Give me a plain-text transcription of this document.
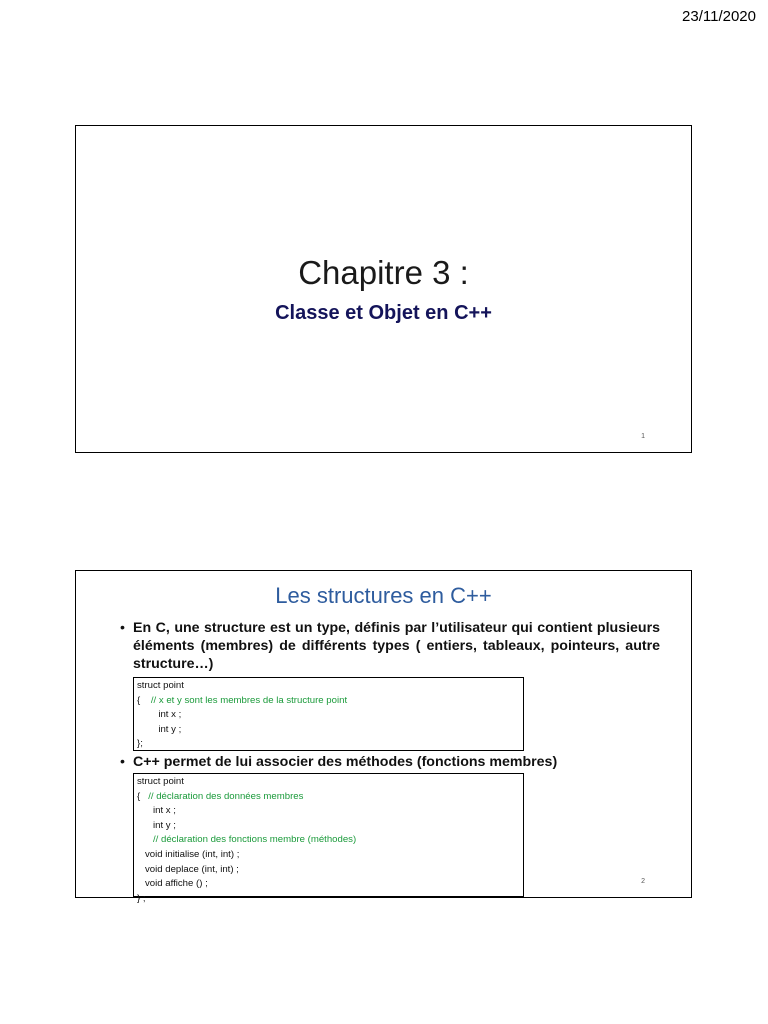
23/11/2020
Chapitre 3 :
Classe et Objet en C++
1
Les structures en C++
• En C, une structure est un type, définis par l’utilisateur qui contient plusieurs éléments (membres) de différents types ( entiers, tableaux, pointeurs, autre structure…)
struct point
{ // x et y sont les membres de la structure point
int x ;
int y ;
};
• C++ permet de lui associer des méthodes (fonctions membres)
struct point
{ // déclaration des données membres
int x ;
int y ;
// déclaration des fonctions membre (méthodes)
void initialise (int, int) ;
void deplace (int, int) ;
void affiche () ;
} ;
2
